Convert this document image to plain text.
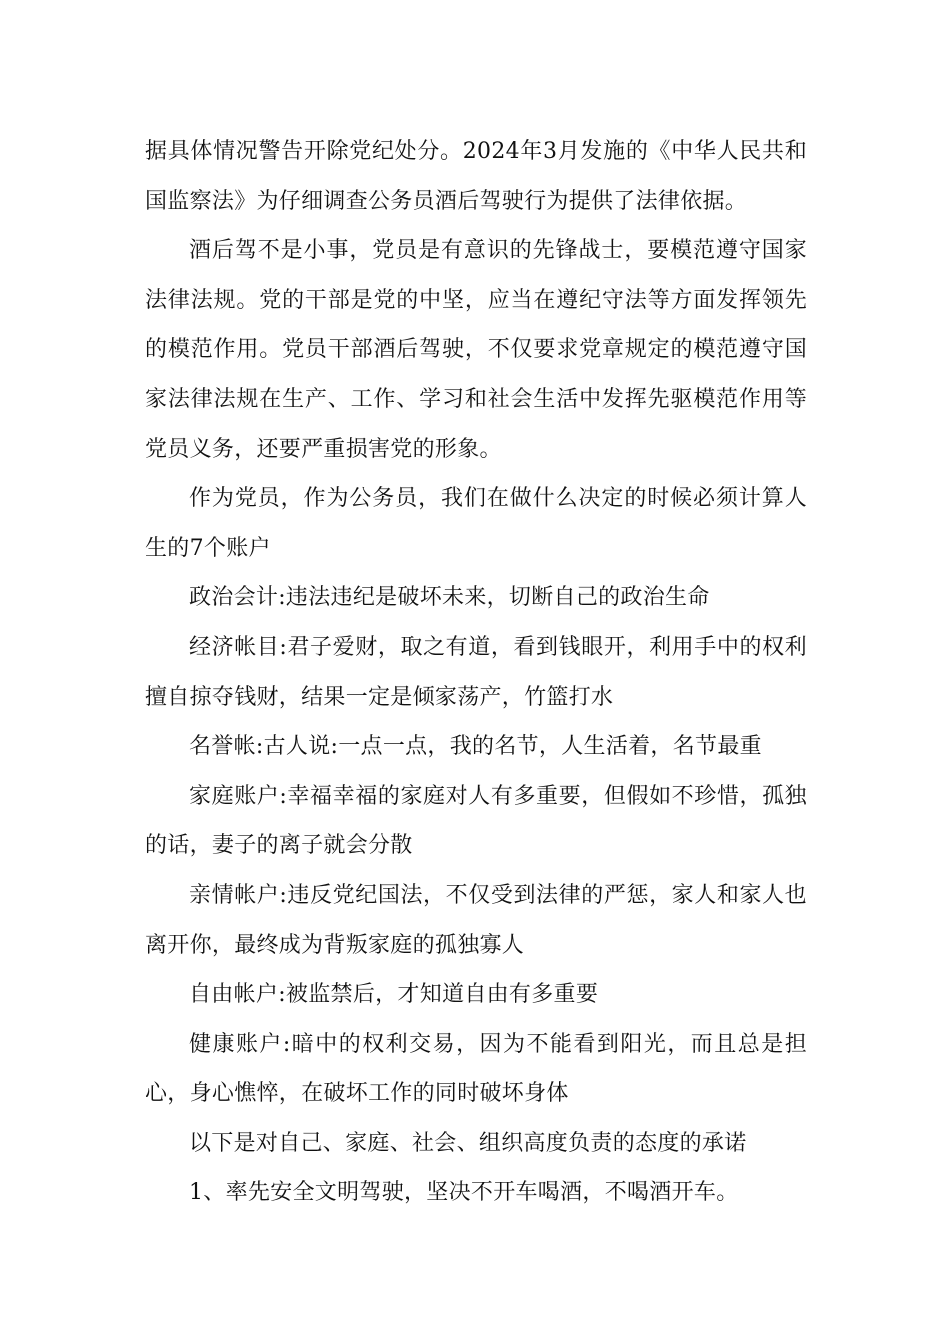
据具体情况警告开除党纪处分。2024年3月发施的《中华人民共和国监察法》为仔细调查公务员酒后驾驶行为提供了法律依据。

酒后驾不是小事，党员是有意识的先锋战士，要模范遵守国家法律法规。党的干部是党的中坚，应当在遵纪守法等方面发挥领先的模范作用。党员干部酒后驾驶，不仅要求党章规定的模范遵守国家法律法规在生产、工作、学习和社会生活中发挥先驱模范作用等党员义务，还要严重损害党的形象。

作为党员，作为公务员，我们在做什么决定的时候必须计算人生的7个账户

政治会计:违法违纪是破坏未来，切断自己的政治生命

经济帐目:君子爱财，取之有道，看到钱眼开，利用手中的权利擅自掠夺钱财，结果一定是倾家荡产，竹篮打水

名誉帐:古人说:一点一点，我的名节，人生活着，名节最重

家庭账户:幸福幸福的家庭对人有多重要，但假如不珍惜，孤独的话，妻子的离子就会分散

亲情帐户:违反党纪国法，不仅受到法律的严惩，家人和家人也离开你，最终成为背叛家庭的孤独寡人

自由帐户:被监禁后，才知道自由有多重要

健康账户:暗中的权利交易，因为不能看到阳光，而且总是担心，身心憔悴，在破坏工作的同时破坏身体

以下是对自己、家庭、社会、组织高度负责的态度的承诺

1、率先安全文明驾驶，坚决不开车喝酒，不喝酒开车。
